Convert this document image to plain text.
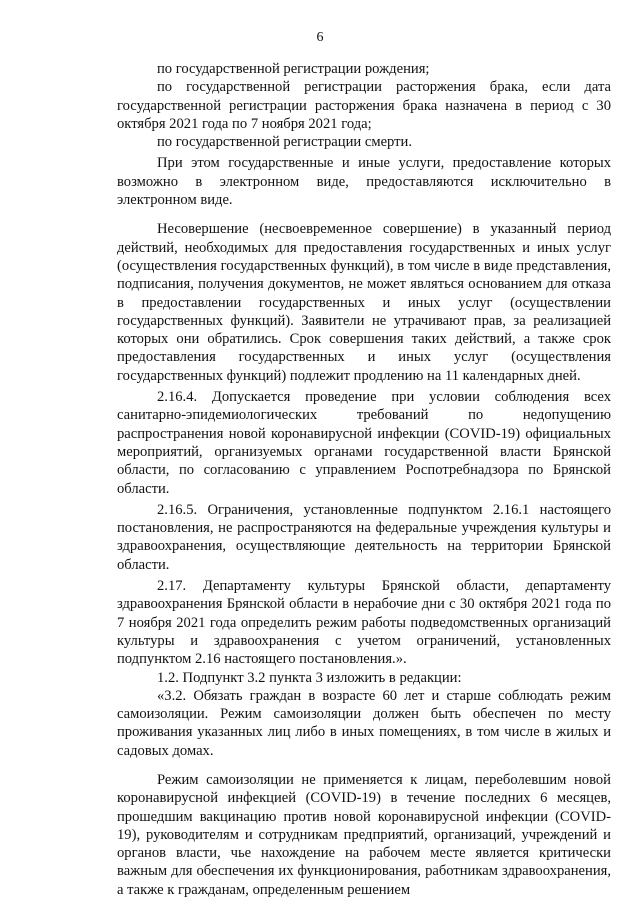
6

по государственной регистрации рождения;

по государственной регистрации расторжения брака, если дата государственной регистрации расторжения брака назначена в период с 30 октября 2021 года по 7 ноября 2021 года;

по государственной регистрации смерти.

При этом государственные и иные услуги, предоставление которых возможно в электронном виде, предоставляются исключительно в электронном виде.

Несовершение (несвоевременное совершение) в указанный период действий, необходимых для предоставления государственных и иных услуг (осуществления государственных функций), в том числе в виде представления, подписания, получения документов, не может являться основанием для отказа в предоставлении государственных и иных услуг (осуществлении государственных функций). Заявители не утрачивают прав, за реализацией которых они обратились. Срок совершения таких действий, а также срок предоставления государственных и иных услуг (осуществления государственных функций) подлежит продлению на 11 календарных дней.

2.16.4. Допускается проведение при условии соблюдения всех санитарно-эпидемиологических требований по недопущению распространения новой коронавирусной инфекции (COVID-19) официальных мероприятий, организуемых органами государственной власти Брянской области, по согласованию с управлением Роспотребнадзора по Брянской области.

2.16.5. Ограничения, установленные подпунктом 2.16.1 настоящего постановления, не распространяются на федеральные учреждения культуры и здравоохранения, осуществляющие деятельность на территории Брянской области.

2.17. Департаменту культуры Брянской области, департаменту здравоохранения Брянской области в нерабочие дни с 30 октября 2021 года по 7 ноября 2021 года определить режим работы подведомственных организаций культуры и здравоохранения с учетом ограничений, установленных подпунктом 2.16 настоящего постановления.».

1.2. Подпункт 3.2 пункта 3 изложить в редакции:

«3.2. Обязать граждан в возрасте 60 лет и старше соблюдать режим самоизоляции. Режим самоизоляции должен быть обеспечен по месту проживания указанных лиц либо в иных помещениях, в том числе в жилых и садовых домах.

Режим самоизоляции не применяется к лицам, переболевшим новой коронавирусной инфекцией (COVID-19) в течение последних 6 месяцев, прошедшим вакцинацию против новой коронавирусной инфекции (COVID-19), руководителям и сотрудникам предприятий, организаций, учреждений и органов власти, чье нахождение на рабочем месте является критически важным для обеспечения их функционирования, работникам здравоохранения, а также к гражданам, определенным решением
